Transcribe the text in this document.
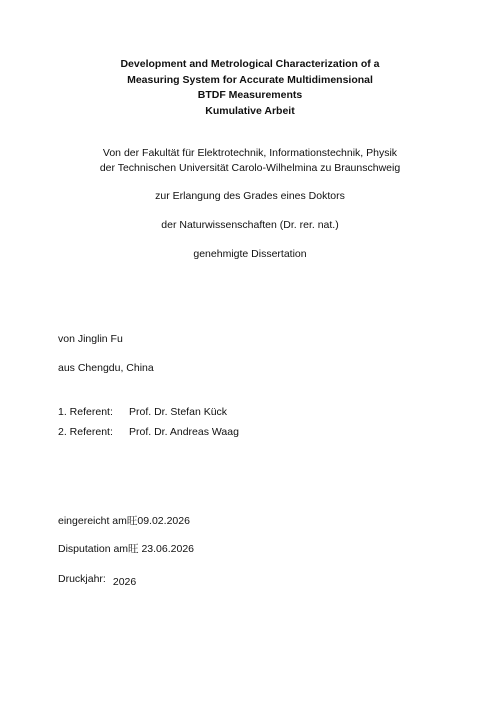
Development and Metrological Characterization of a
Measuring System for Accurate Multidimensional
BTDF Measurements
Kumulative Arbeit
Von der Fakultät für Elektrotechnik, Informationstechnik, Physik
der Technischen Universität Carolo-Wilhelmina zu Braunschweig
zur Erlangung des Grades eines Doktors
der Naturwissenschaften (Dr. rer. nat.)
genehmigte Dissertation
von Jinglin Fu
aus Chengdu, China
1. Referent: Prof. Dr. Stefan Kück
2. Referent: Prof. Dr. Andreas Waag
eingereicht am旺09.02.2026
Disputation am旺 23.06.2026
Druckjahr: 2026
